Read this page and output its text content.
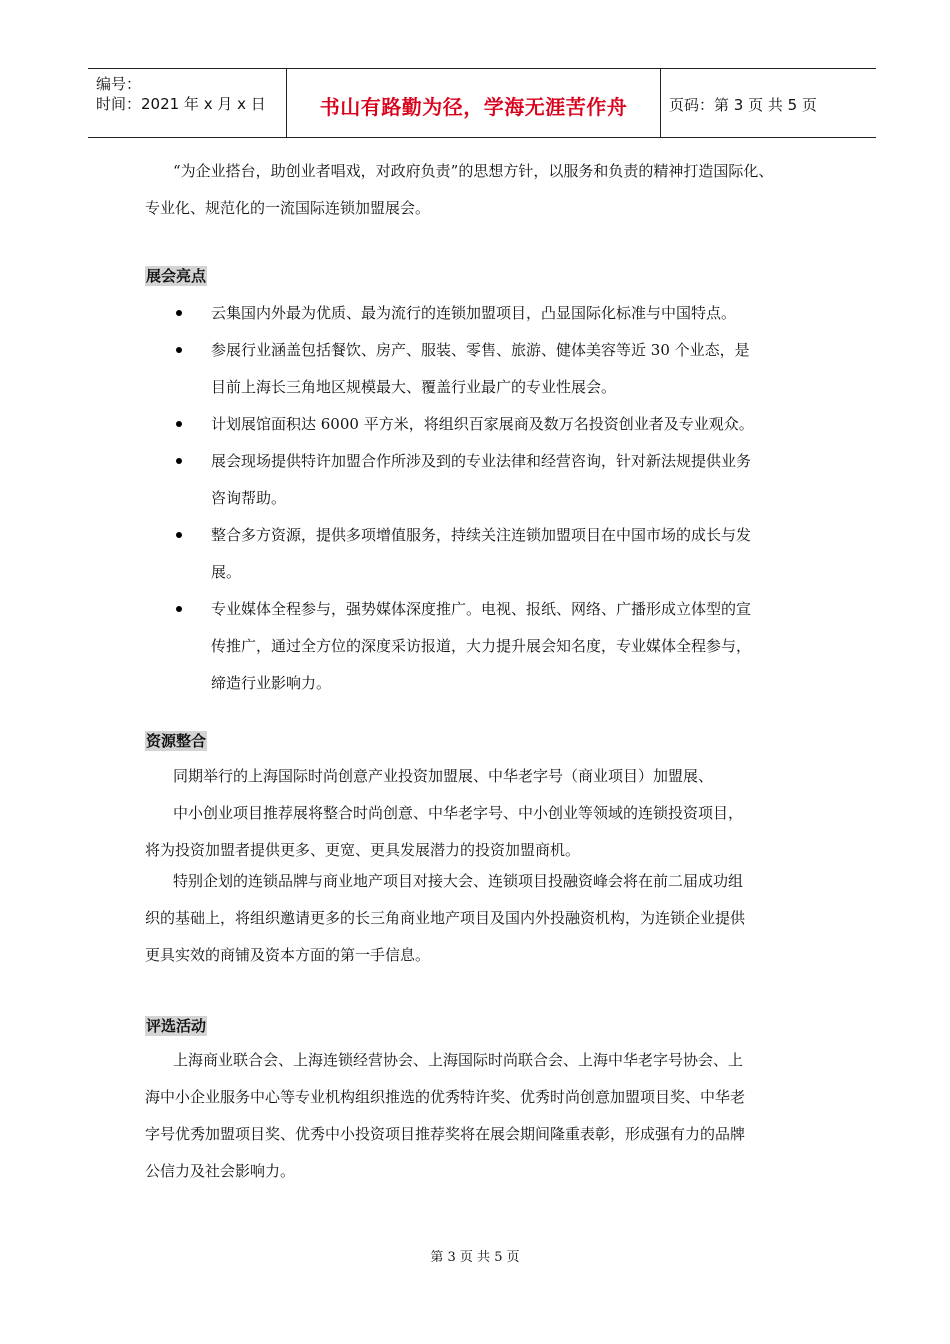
编号：
时间：2021 年 x 月 x 日	书山有路勤为径，学海无涯苦作舟	页码：第 3 页 共 5 页
“为企业搭台，助创业者唱戏，对政府负责”的思想方针，以服务和负责的精神打造国际化、
专业化、规范化的一流国际连锁加盟展会。
展会亮点
云集国内外最为优质、最为流行的连锁加盟项目，凸显国际化标准与中国特点。
参展行业涵盖包括餐饮、房产、服装、零售、旅游、健体美容等近 30 个业态，是
目前上海长三角地区规模最大、覆盖行业最广的专业性展会。
计划展馆面积达 6000 平方米，将组织百家展商及数万名投资创业者及专业观众。
展会现场提供特许加盟合作所涉及到的专业法律和经营咨询，针对新法规提供业务
咨询帮助。
整合多方资源，提供多项增值服务，持续关注连锁加盟项目在中国市场的成长与发
展。
专业媒体全程参与，强势媒体深度推广。电视、报纸、网络、广播形成立体型的宣
传推广，通过全方位的深度采访报道，大力提升展会知名度，专业媒体全程参与，
缔造行业影响力。
资源整合
同期举行的上海国际时尚创意产业投资加盟展、中华老字号（商业项目）加盟展、
中小创业项目推荐展将整合时尚创意、中华老字号、中小创业等领域的连锁投资项目，
将为投资加盟者提供更多、更宽、更具发展潜力的投资加盟商机。
特别企划的连锁品牌与商业地产项目对接大会、连锁项目投融资峰会将在前二届成功组
织的基础上，将组织邀请更多的长三角商业地产项目及国内外投融资机构，为连锁企业提供
更具实效的商铺及资本方面的第一手信息。
评选活动
上海商业联合会、上海连锁经营协会、上海国际时尚联合会、上海中华老字号协会、上
海中小企业服务中心等专业机构组织推选的优秀特许奖、优秀时尚创意加盟项目奖、中华老
字号优秀加盟项目奖、优秀中小投资项目推荐奖将在展会期间隆重表彰，形成强有力的品牌
公信力及社会影响力。
第 3 页 共 5 页
